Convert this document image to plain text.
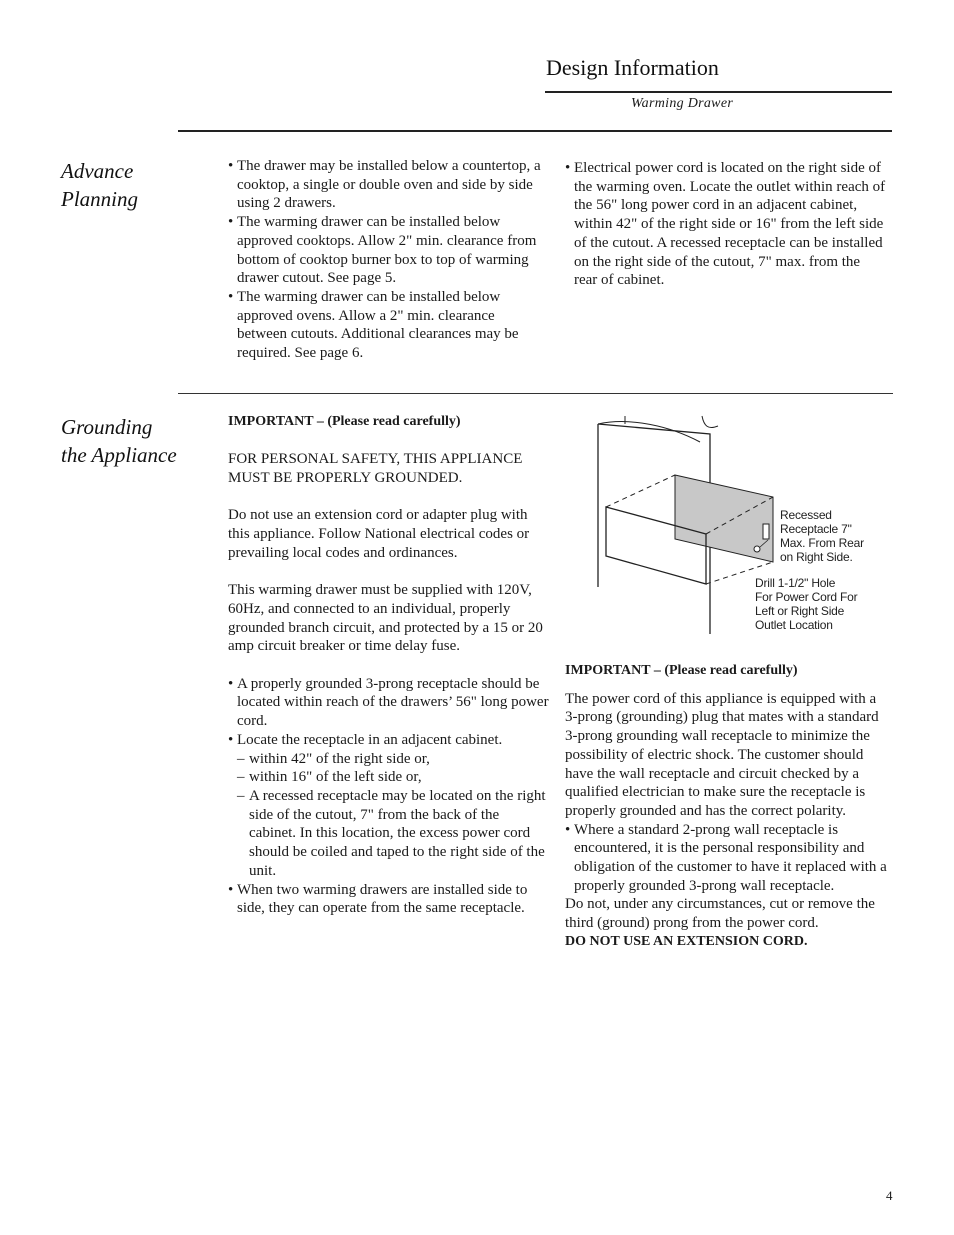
Design Information
Warming Drawer
Advance
Planning
• The drawer may be installed below a countertop, a cooktop, a single or double oven and side by side using 2 drawers.
• The warming drawer can be installed below approved cooktops. Allow 2" min. clearance from bottom of cooktop burner box to top of warming drawer cutout. See page 5.
• The warming drawer can be installed below approved ovens. Allow a 2" min. clearance between cutouts. Additional clearances may be required. See page 6.
• Electrical power cord is located on the right side of the warming oven. Locate the outlet within reach of the 56" long power cord in an adjacent cabinet, within 42" of the right side or 16" from the left side of the cutout. A recessed receptacle can be installed on the right side of the cutout, 7" max. from the rear of cabinet.
Grounding
the Appliance

IMPORTANT – (Please read carefully)

FOR PERSONAL SAFETY, THIS APPLIANCE MUST BE PROPERLY GROUNDED.

Do not use an extension cord or adapter plug with this appliance. Follow National electrical codes or prevailing local codes and ordinances.

This warming drawer must be supplied with 120V, 60Hz, and connected to an individual, properly grounded branch circuit, and protected by a 15 or 20 amp circuit breaker or time delay fuse.

• A properly grounded 3-prong receptacle should be located within reach of the drawers’ 56" long power cord.
• Locate the receptacle in an adjacent cabinet.
– within 42" of the right side or,
– within 16" of the left side or,
– A recessed receptacle may be located on the right side of the cutout, 7" from the back of the cabinet. In this location, the excess power cord should be coiled and taped to the right side of the unit.
• When two warming drawers are installed side to side, they can operate from the same receptacle.
Recessed
Receptacle 7"
Max. From Rear
on Right Side.
Drill 1-1/2" Hole
For Power Cord For
Left or Right Side
Outlet Location

IMPORTANT – (Please read carefully)

The power cord of this appliance is equipped with a 3-prong (grounding) plug that mates with a standard 3-prong grounding wall receptacle to minimize the possibility of electric shock. The customer should have the wall receptacle and circuit checked by a qualified electrician to make sure the receptacle is properly grounded and has the correct polarity.

• Where a standard 2-prong wall receptacle is encountered, it is the personal responsibility and obligation of the customer to have it replaced with a properly grounded 3-prong wall receptacle.

Do not, under any circumstances, cut or remove the third (ground) prong from the power cord.

DO NOT USE AN EXTENSION CORD.

4
